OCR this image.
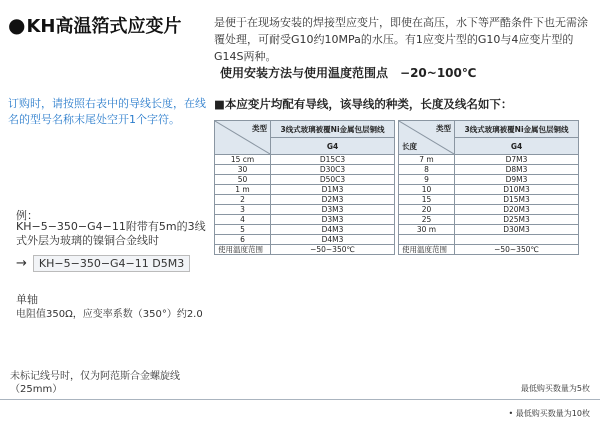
●KH高温箔式应变片	是便于在现场安装的焊接型应变片，即使在高压，水下等严酷条件下也无需涂覆处理，可耐受G10约10MPa的水压。有1应变片型的G10与4应变片型的G14S两种。
使用安装方法与使用温度范围点 −20~100℃
订购时，请按照右表中的导线长度，在线名的型号名称末尾处空开1个字符。
■本应变片均配有导线，该导线的种类，长度及线名如下：
类型	3线式玻璃被覆Ni金属包层铜线
	G4
15 cm	D15C3
30	D30C3
50	D50C3
1 m	D1M3
2	D2M3
3	D3M3
4	D3M3
5	D4M3
6	D4M3
使用温度范围	−50~350℃
类型
长度	3线式玻璃被覆Ni金属包层铜线
	G4
7 m	D7M3
8	D8M3
9	D9M3
10	D10M3
15	D15M3
20	D20M3
25	D25M3
30 m	D30M3

使用温度范围	−50~350℃
例：
KH−5−350−G4−11附带有5m的3线式外层为玻璃的镍铜合金线时
→ KH−5−350−G4−11 D5M3
单轴
电阻值350Ω，应变率系数（350°）约2.0
未标记线号时，仅为阿范斯合金螺旋线（25mm）	最低购买数量为5枚
• 最低购买数量为10枚
